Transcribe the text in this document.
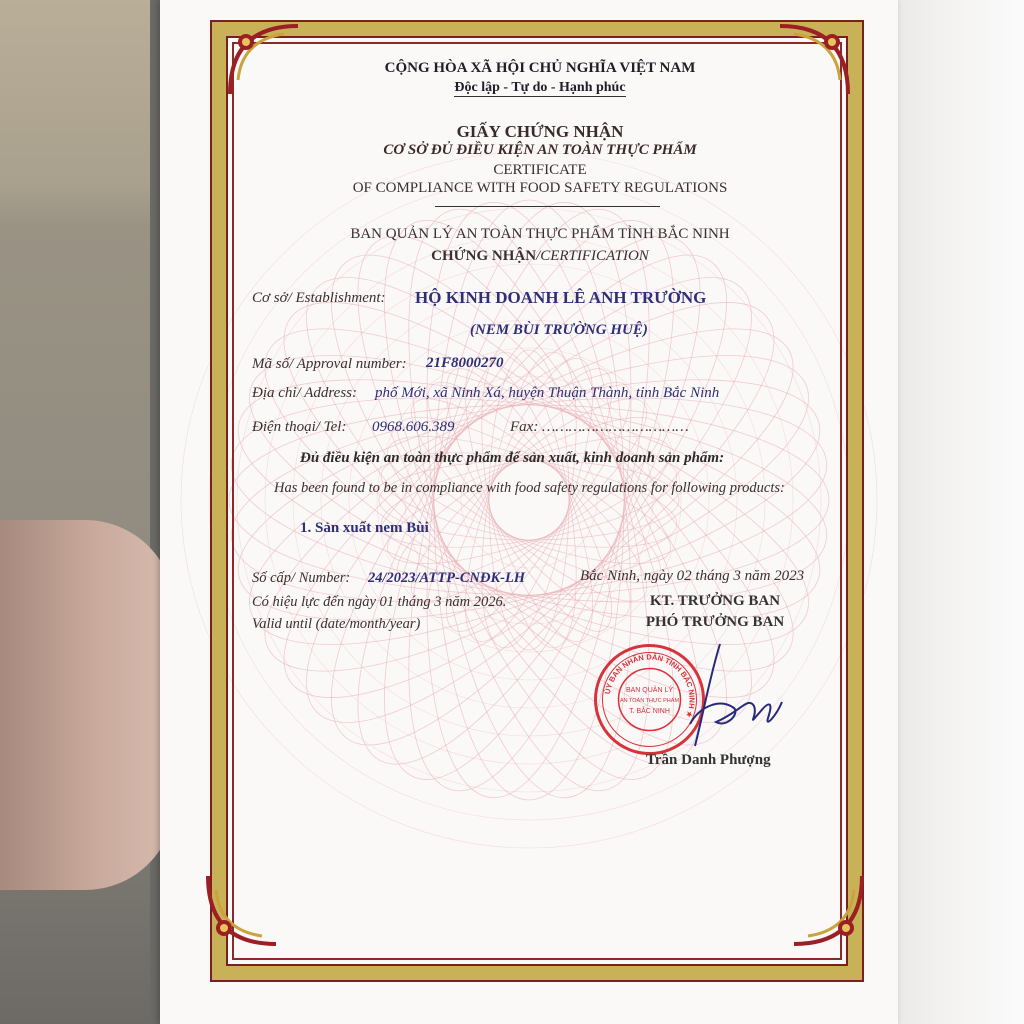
CỘNG HÒA XÃ HỘI CHỦ NGHĨA VIỆT NAM
Độc lập - Tự do - Hạnh phúc
GIẤY CHỨNG NHẬN
CƠ SỞ ĐỦ ĐIỀU KIỆN AN TOÀN THỰC PHẨM
CERTIFICATE
OF COMPLIANCE WITH FOOD SAFETY REGULATIONS
BAN QUẢN LÝ AN TOÀN THỰC PHẨM TỈNH BẮC NINH
CHỨNG NHẬN/CERTIFICATION
Cơ sở/ Establishment: HỘ KINH DOANH LÊ ANH TRƯỜNG
(NEM BÙI TRƯỜNG HUỆ)
Mã số/ Approval number: 21F8000270
Địa chỉ/ Address: phố Mới, xã Ninh Xá, huyện Thuận Thành, tỉnh Bắc Ninh
Điện thoại/ Tel: 0968.606.389	Fax: ……………………………
Đủ điều kiện an toàn thực phẩm để sản xuất, kinh doanh sản phẩm:
Has been found to be in compliance with food safety regulations for following products:
1. Sản xuất nem Bùi
Số cấp/ Number: 24/2023/ATTP-CNĐK-LH
Có hiệu lực đến ngày 01 tháng 3 năm 2026.
Valid until (date/month/year)
Bắc Ninh, ngày 02 tháng 3 năm 2023
KT. TRƯỞNG BAN
PHÓ TRƯỞNG BAN
ỦY BAN NHÂN DÂN TỈNH BẮC NINH ★
BAN QUẢN LÝ
AN TOÀN THỰC PHẨM
T. BẮC NINH
Trần Danh Phượng
